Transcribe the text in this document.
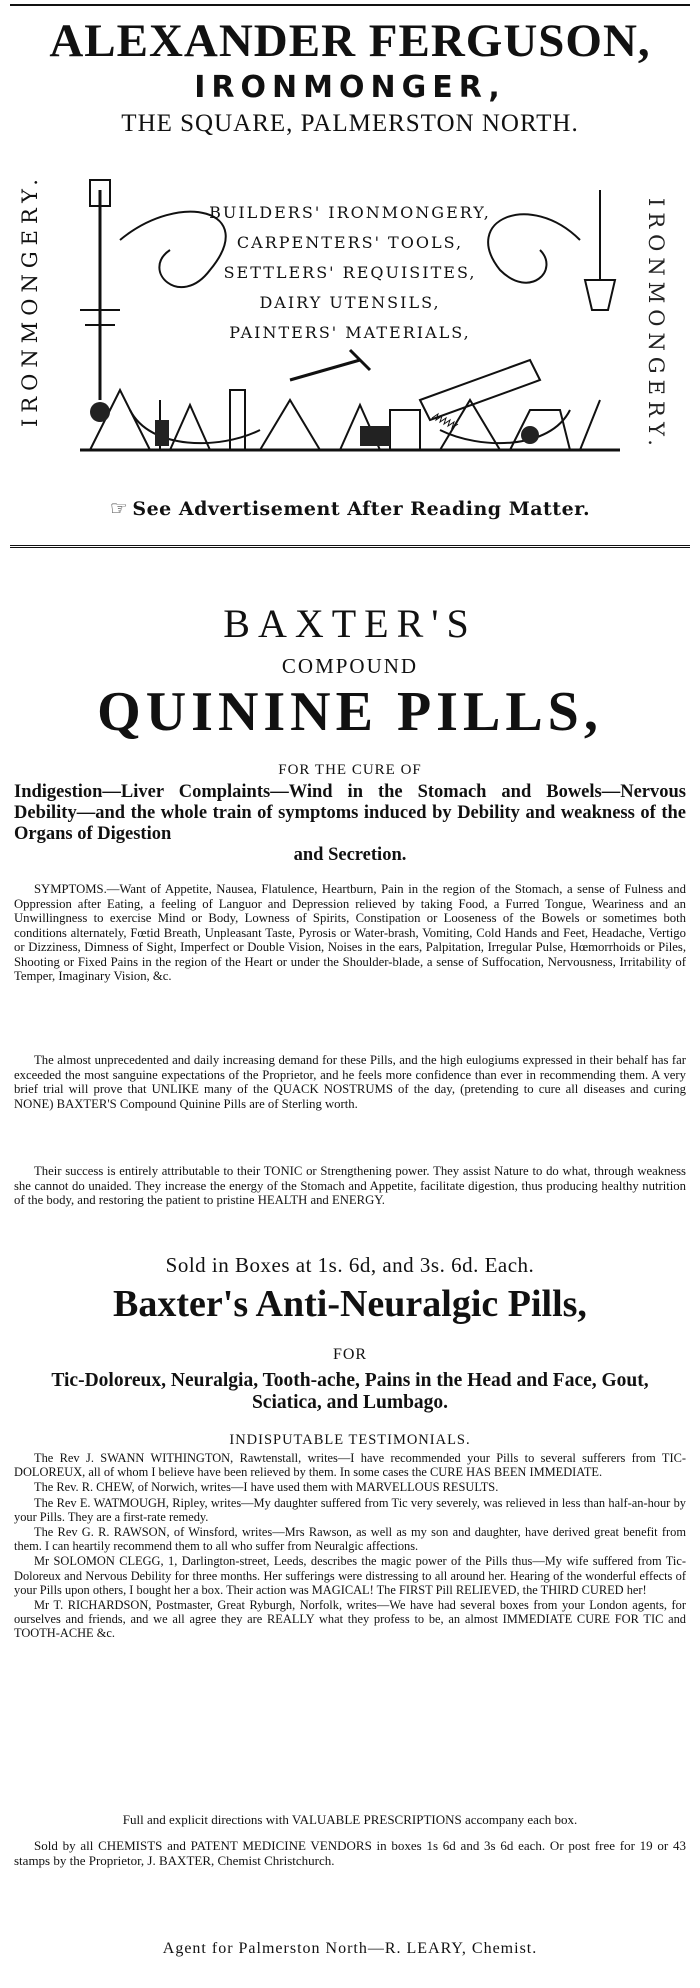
ALEXANDER FERGUSON,
IRONMONGER,
THE SQUARE, PALMERSTON NORTH.
IRONMONGERY.	IRONMONGERY.
BUILDERS' IRONMONGERY,
CARPENTERS' TOOLS,
SETTLERS' REQUISITES,
DAIRY UTENSILS,
PAINTERS' MATERIALS,
☞ See Advertisement After Reading Matter.
BAXTER'S
COMPOUND
QUININE PILLS,
FOR THE CURE OF
Indigestion—Liver Complaints—Wind in the Stomach and Bowels—Nervous Debility—and the whole train of symptoms induced by Debility and weakness of the Organs of Digestion
and Secretion.

SYMPTOMS.—Want of Appetite, Nausea, Flatulence, Heartburn, Pain in the region of the Stomach, a sense of Fulness and Oppression after Eating, a feeling of Languor and Depression relieved by taking Food, a Furred Tongue, Weariness and an Unwillingness to exercise Mind or Body, Lowness of Spirits, Constipation or Looseness of the Bowels or sometimes both conditions alternately, Fœtid Breath, Unpleasant Taste, Pyrosis or Water-brash, Vomiting, Cold Hands and Feet, Headache, Vertigo or Dizziness, Dimness of Sight, Imperfect or Double Vision, Noises in the ears, Palpitation, Irregular Pulse, Hœmorrhoids or Piles, Shooting or Fixed Pains in the region of the Heart or under the Shoulder-blade, a sense of Suffocation, Nervousness, Irritability of Temper, Imaginary Vision, &c.

The almost unprecedented and daily increasing demand for these Pills, and the high eulogiums expressed in their behalf has far exceeded the most sanguine expectations of the Proprietor, and he feels more confidence than ever in recommending them. A very brief trial will prove that UNLIKE many of the QUACK NOSTRUMS of the day, (pretending to cure all diseases and curing NONE) BAXTER'S Compound Quinine Pills are of Sterling worth.

Their success is entirely attributable to their TONIC or Strengthening power. They assist Nature to do what, through weakness she cannot do unaided. They increase the energy of the Stomach and Appetite, facilitate digestion, thus producing healthy nutrition of the body, and restoring the patient to pristine HEALTH and ENERGY.

Sold in Boxes at 1s. 6d, and 3s. 6d. Each.
Baxter's Anti-Neuralgic Pills,
FOR
Tic-Doloreux, Neuralgia, Tooth-ache, Pains in the Head and Face, Gout, Sciatica, and Lumbago.
INDISPUTABLE TESTIMONIALS.

The Rev J. SWANN WITHINGTON, Rawtenstall, writes—I have recommended your Pills to several sufferers from TIC-DOLOREUX, all of whom I believe have been relieved by them. In some cases the CURE HAS BEEN IMMEDIATE.

The Rev. R. CHEW, of Norwich, writes—I have used them with MARVELLOUS RESULTS.

The Rev E. WATMOUGH, Ripley, writes—My daughter suffered from Tic very severely, was relieved in less than half-an-hour by your Pills. They are a first-rate remedy.

The Rev G. R. RAWSON, of Winsford, writes—Mrs Rawson, as well as my son and daughter, have derived great benefit from them. I can heartily recommend them to all who suffer from Neuralgic affections.

Mr SOLOMON CLEGG, 1, Darlington-street, Leeds, describes the magic power of the Pills thus—My wife suffered from Tic-Doloreux and Nervous Debility for three months. Her sufferings were distressing to all around her. Hearing of the wonderful effects of your Pills upon others, I bought her a box. Their action was MAGICAL! The FIRST Pill RELIEVED, the THIRD CURED her!

Mr T. RICHARDSON, Postmaster, Great Ryburgh, Norfolk, writes—We have had several boxes from your London agents, for ourselves and friends, and we all agree they are REALLY what they profess to be, an almost IMMEDIATE CURE FOR TIC and TOOTH-ACHE &c.

Full and explicit directions with VALUABLE PRESCRIPTIONS accompany each box.

Sold by all CHEMISTS and PATENT MEDICINE VENDORS in boxes 1s 6d and 3s 6d each. Or post free for 19 or 43 stamps by the Proprietor, J. BAXTER, Chemist Christchurch.

Agent for Palmerston North—R. LEARY, Chemist.
